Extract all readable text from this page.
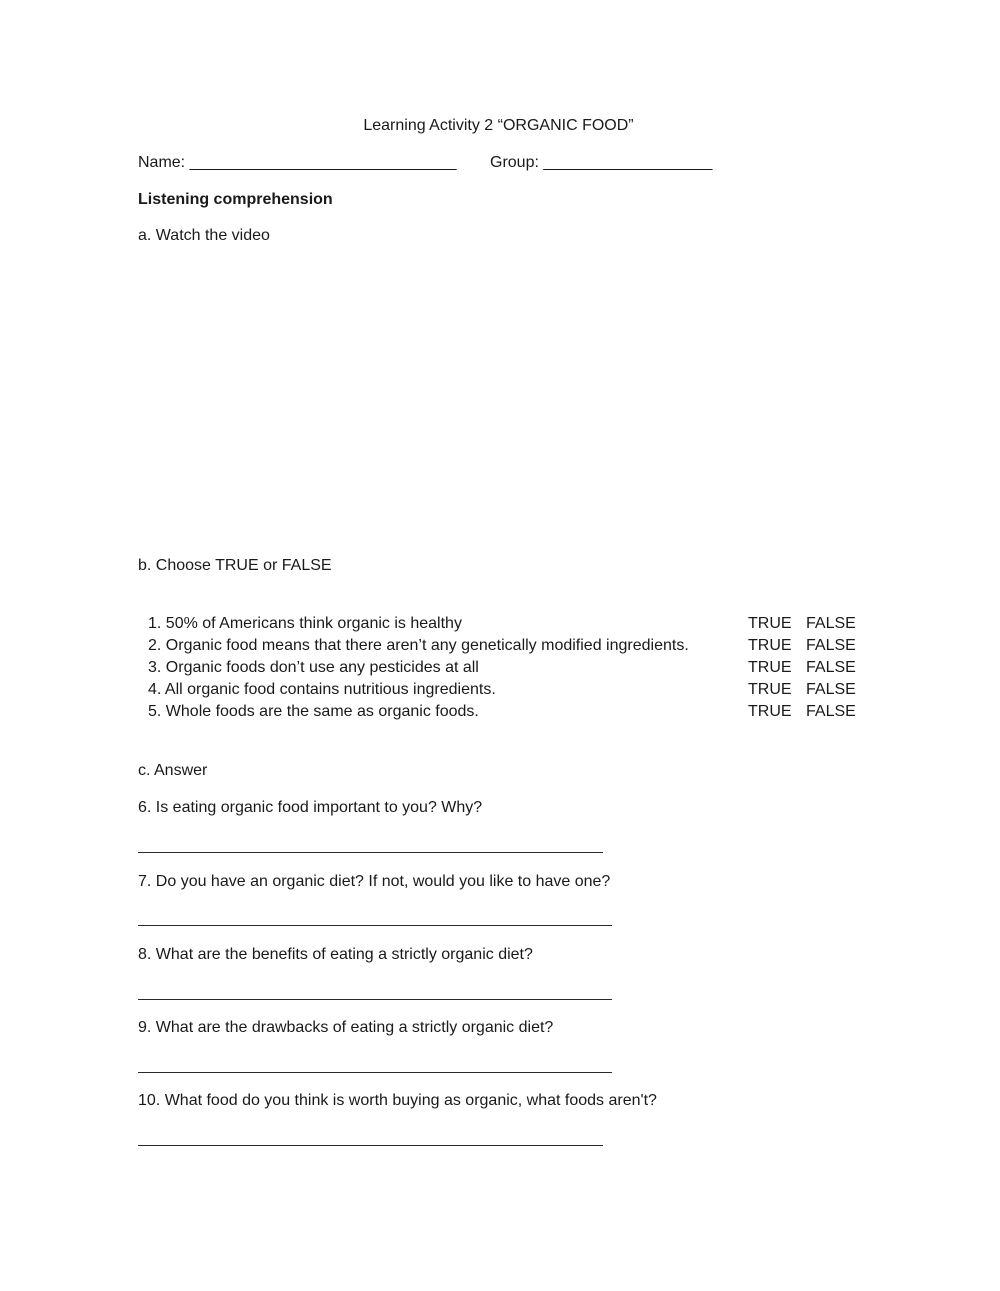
Learning Activity 2 “ORGANIC FOOD”
Name: ______________________________ Group: ___________________
Listening comprehension
a. Watch the video
b. Choose TRUE or FALSE
1. 50% of Americans think organic is healthy	TRUE FALSE
2. Organic food means that there aren’t any genetically modified ingredients.	TRUE FALSE
3. Organic foods don’t use any pesticides at all	TRUE FALSE
4. All organic food contains nutritious ingredients.	TRUE FALSE
5. Whole foods are the same as organic foods.	TRUE FALSE
c. Answer
6. Is eating organic food important to you? Why?
7. Do you have an organic diet? If not, would you like to have one?
8. What are the benefits of eating a strictly organic diet?
9. What are the drawbacks of eating a strictly organic diet?
10. What food do you think is worth buying as organic, what foods aren't?
